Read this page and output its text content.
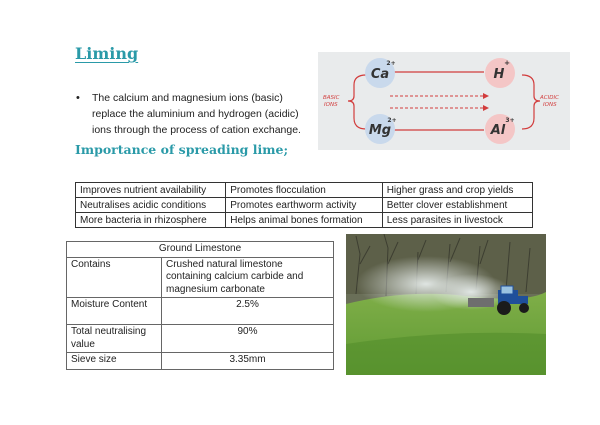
Liming
• The calcium and magnesium ions (basic) replace the aluminium and hydrogen (acidic) ions through the process of cation exchange.
Importance of spreading lime;
Ca
2+
Mg
2+
H
+
Al
3+
BASIC
IONS
ACIDIC
IONS
Improves nutrient availability	Promotes flocculation	Higher grass and crop yields
Neutralises acidic conditions	Promotes earthworm activity	Better clover establishment
More bacteria in rhizosphere	Helps animal bones formation	Less parasites in livestock
Ground Limestone	
Contains	Crushed natural limestone containing calcium carbide and magnesium carbonate
Moisture Content	2.5%
Total neutralising value	90%
Sieve size	3.35mm
